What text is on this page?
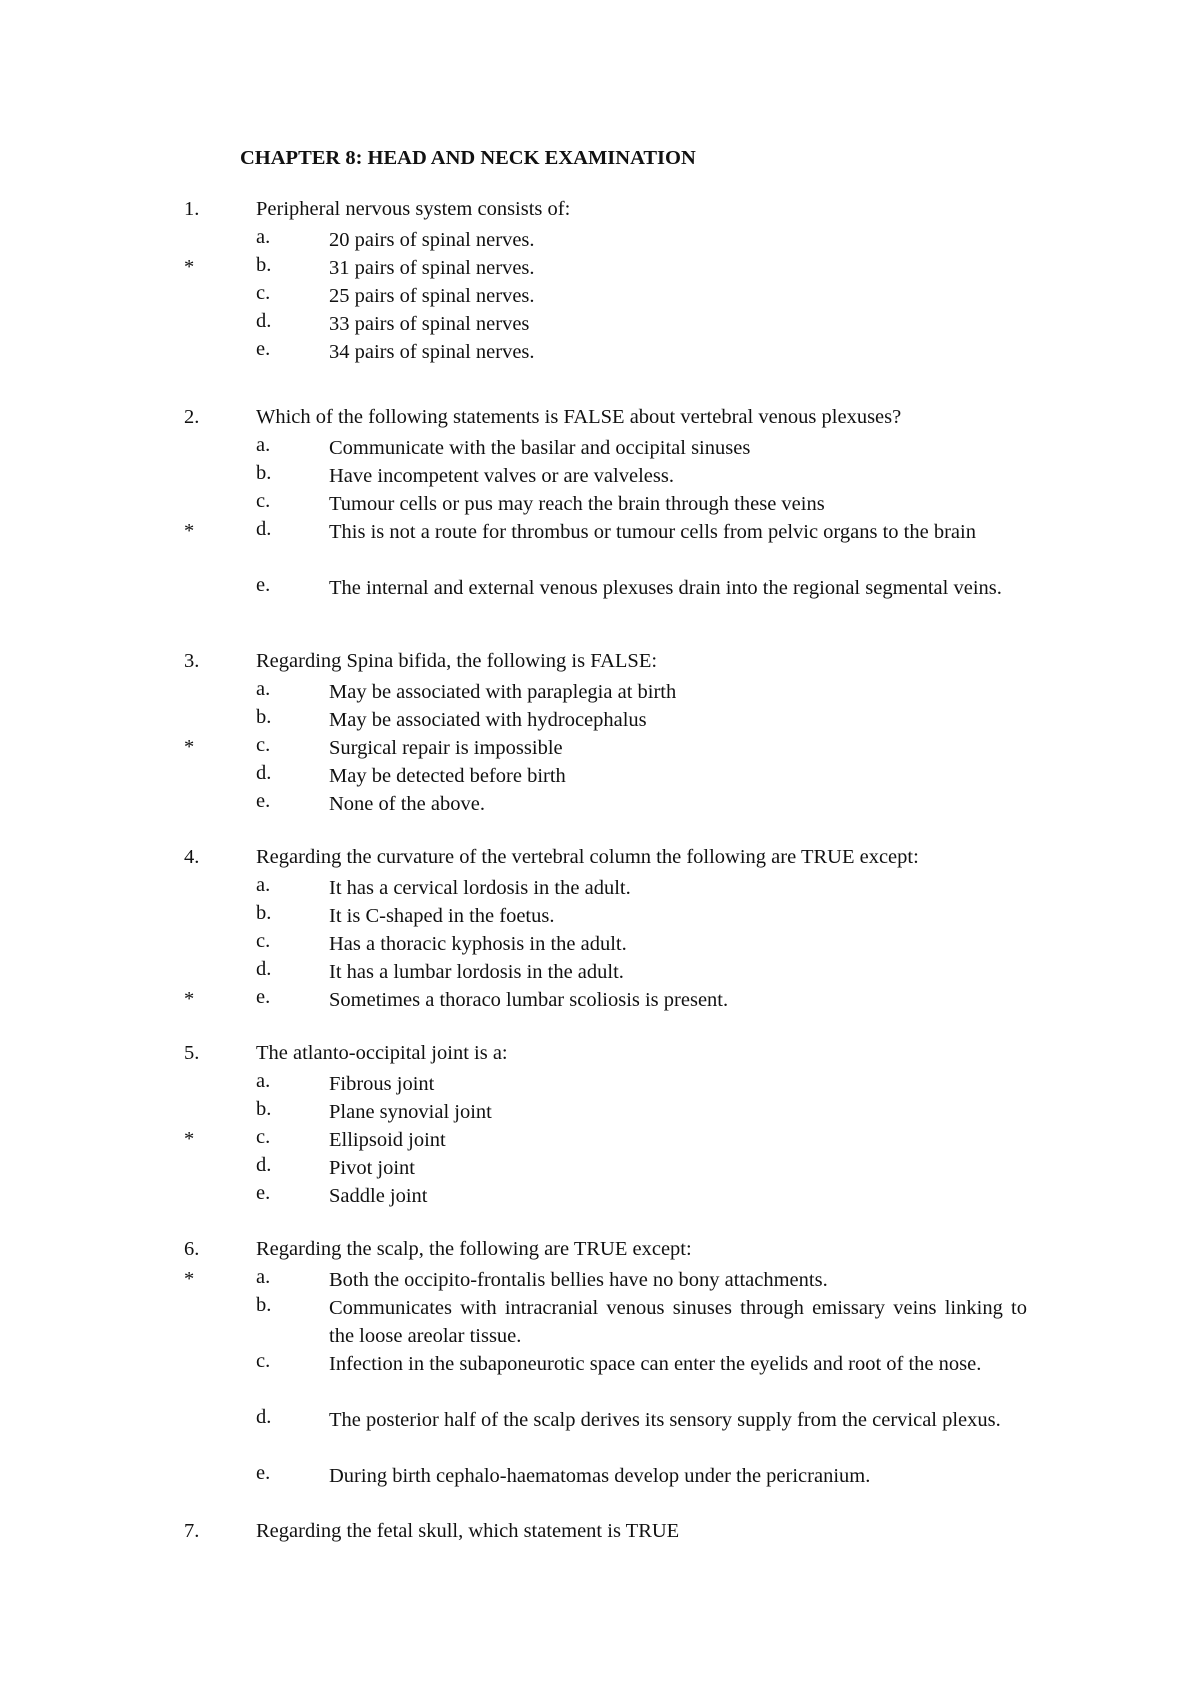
CHAPTER 8: HEAD AND NECK EXAMINATION
1.	Peripheral nervous system consists of:
a.	20 pairs of spinal nerves.
*	b.	31 pairs of spinal nerves.
c.	25 pairs of spinal nerves.
d.	33 pairs of spinal nerves
e.	34 pairs of spinal nerves.
2.	Which of the following statements is FALSE about vertebral venous plexuses?
a.	Communicate with the basilar and occipital sinuses
b.	Have incompetent valves or are valveless.
c.	Tumour cells or pus may reach the brain through these veins
*	d.	This is not a route for thrombus or tumour cells from pelvic organs to the brain
e.	The internal and external venous plexuses drain into the regional segmental veins.
3.	Regarding Spina bifida, the following is FALSE:
a.	May be associated with paraplegia at birth
b.	May be associated with hydrocephalus
*	c.	Surgical repair is impossible
d.	May be detected before birth
e.	None of the above.
4.	Regarding the curvature of the vertebral column the following are TRUE except:
a.	It has a cervical lordosis in the adult.
b.	It is C-shaped in the foetus.
c.	Has a thoracic kyphosis in the adult.
d.	It has a lumbar lordosis in the adult.
*	e.	Sometimes a thoraco lumbar scoliosis is present.
5.	The atlanto-occipital joint is a:
a.	Fibrous joint
b.	Plane synovial joint
*	c.	Ellipsoid joint
d.	Pivot joint
e.	Saddle joint
6.	Regarding the scalp, the following are TRUE except:
*	a.	Both the occipito-frontalis bellies have no bony attachments.
b.	Communicates with intracranial venous sinuses through emissary veins linking to the loose areolar tissue.
c.	Infection in the subaponeurotic space can enter the eyelids and root of the nose.
d.	The posterior half of the scalp derives its sensory supply from the cervical plexus.
e.	During birth cephalo-haematomas develop under the pericranium.
7.	Regarding the fetal skull, which statement is TRUE
